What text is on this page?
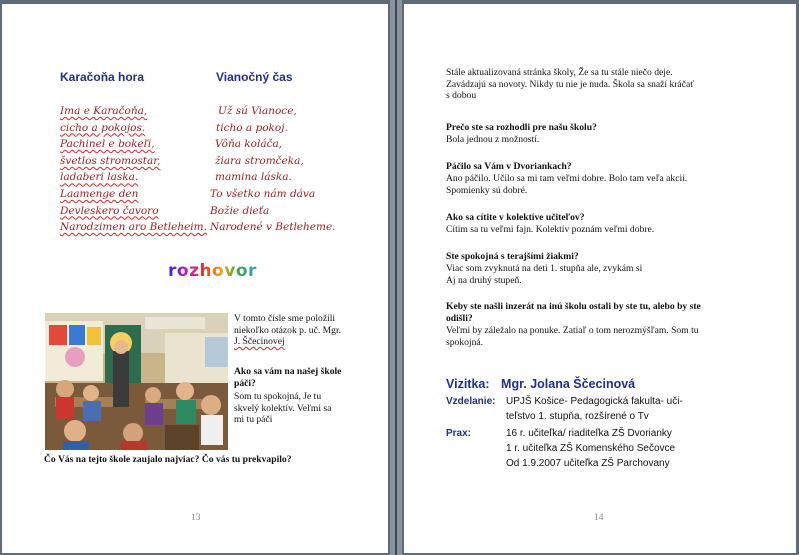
Karačoňa hora	Vianočný čas
Ima e Karačoňa,
cicho a pokojos.
Pachinel e bokeľi,
švetlos stromostar,
ladaberi laska.
Laamenge den
Devleskero čavoro
Narodzimen aro Betleheim.
Už sú Vianoce,
ticho a pokoj.
Vôňa koláča,
žiara stromčeka,
mamina láska.
To všetko nám dáva
Božie dieťa
Narodené v Betleheme.
rozhovor
V tomto čísle sme položili
niekoľko otázok p. uč. Mgr.
J. Ščecinovej
Ako sa vám na našej škole
páči?
Som tu spokojná, Je tu
skvelý kolektív. Veľmi sa
mi tu páči
Čo Vás na tejto škole zaujalo najviac? Čo vás tu prekvapilo?
13
Stále aktualizovaná stránka školy, Že sa tu stále niečo deje.
Zavádzajú sa novoty. Nikdy tu nie je nuda. Škola sa snaží kráčať
s dobou
Prečo ste sa rozhodli pre našu školu?
Bola jednou z možností.
Páčilo sa Vám v Dvoriankach?
Ano páčilo. Učilo sa mi tam veľmi dobre. Bolo tam veľa akcií.
Spomienky sú dobré.
Ako sa cítite v kolektíve učiteľov?
Cítim sa tu veľmi fajn. Kolektív poznám veľmi dobre.
Ste spokojná s terajšími žiakmi?
Viac som zvyknutá na deti 1. stupňa ale, zvykám si
Aj na druhý stupeň.
Keby ste našli inzerát na inú školu ostali by ste tu, alebo by ste
odišli?
Veľmi by záležalo na ponuke. Zatiaľ o tom nerozmýšľam. Som tu
spokojná.
Vizitka: Mgr. Jolana Ščecinová
Vzdelanie: UPJŠ Košice- Pedagogická fakulta- uči-
teľstvo 1. stupňa, rozšírené o Tv
Prax:	16 r. učiteľka/ riaditeľka ZŠ Dvorianky
1 r. učiteľka ZŠ Komenského Sečovce
Od 1.9.2007 učiteľka ZŠ Parchovany
14
